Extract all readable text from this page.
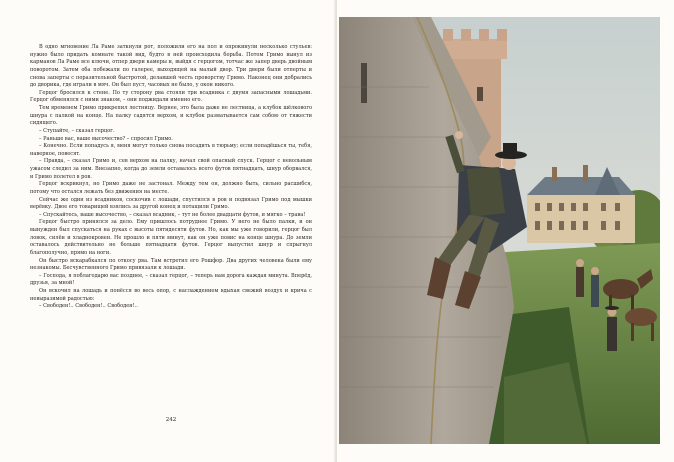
В одно мгновение Ла Раме заткнули рот, положили его на пол и опрокинули несколько стульев: нужно было придать комнате такой вид, будто в ней происходила борьба. Потом Гримо вынул из карманов Ла Раме все ключи, отпер двери камеры и, выйдя с герцогом, тотчас же запер дверь двойным поворотом. Затем оба побежали по галерее, выходящей на малый двор. Три двери были отперты и снова заперты с поразительной быстротой, делавшей честь проворству Гримо. Наконец они добрались до дворика, где играли в мяч. Он был пуст, часовых не было, у окон никого.

Герцог бросился к стене. По ту сторону рва стояли три всадника с двумя запасными лошадьми. Герцог обменялся с ними знаком, – они поджидали именно его.

Тем временем Гримо прикрепил лестницу. Вернее, это была даже не лестница, а клубок шёлкового шнура с палкой на конце. На палку садятся верхом, и клубок разматывается сам собою от тяжести сидящего.

– Ступайте, – сказал герцог.

– Раньше вас, ваше высочество? – спросил Гримо.

– Конечно. Если попадусь я, меня могут только снова посадить в тюрьму; если попадёшься ты, тебя, наверное, повесят.

– Правда, – сказал Гримо и, сев верхом на палку, начал свой опасный спуск. Герцог с невольным ужасом следил за ним. Внезапно, когда до земли оставалось всего футов пятнадцать, шнур оборвался, и Гримо полетел в ров.

Герцог вскрикнул, но Гримо даже не застонал. Между тем он, должно быть, сильно расшибся, потому что остался лежать без движения на месте.

Сейчас же один из всадников, соскочив с лошади, спустился в ров и подвязал Гримо под мышки верёвку. Двое его товарищей взялись за другой конец и потащили Гримо.

– Спускайтесь, ваше высочество, – сказал всадник, – тут не более двадцати футов, и мягко – трава!

Герцог быстро принялся за дело. Ему пришлось потруднее Гримо. У него не было палки, и он вынужден был спускаться на руках с высоты пятидесяти футов. Но, как мы уже говорили, герцог был ловок, силён и хладнокровен. Не прошло и пяти минут, как он уже повис на конце шнура. До земли оставалось действительно не больше пятнадцати футов. Герцог выпустил шнур и спрыгнул благополучно, прямо на ноги.

Он быстро вскарабкался по откосу рва. Там встретил его Рошфор. Два других человека были ему незнакомы. Бесчувственного Гримо привязали к лошади.

– Господа, я поблагодарю вас позднее, – сказал герцог, – теперь нам дорога каждая минута. Вперёд, друзья, за мной!

Он вскочил на лошадь и понёсся во весь опор, с наслаждением вдыхая свежий воздух и крича с невыразимой радостью:

– Свободен!.. Свободен!.. Свободен!..

242
